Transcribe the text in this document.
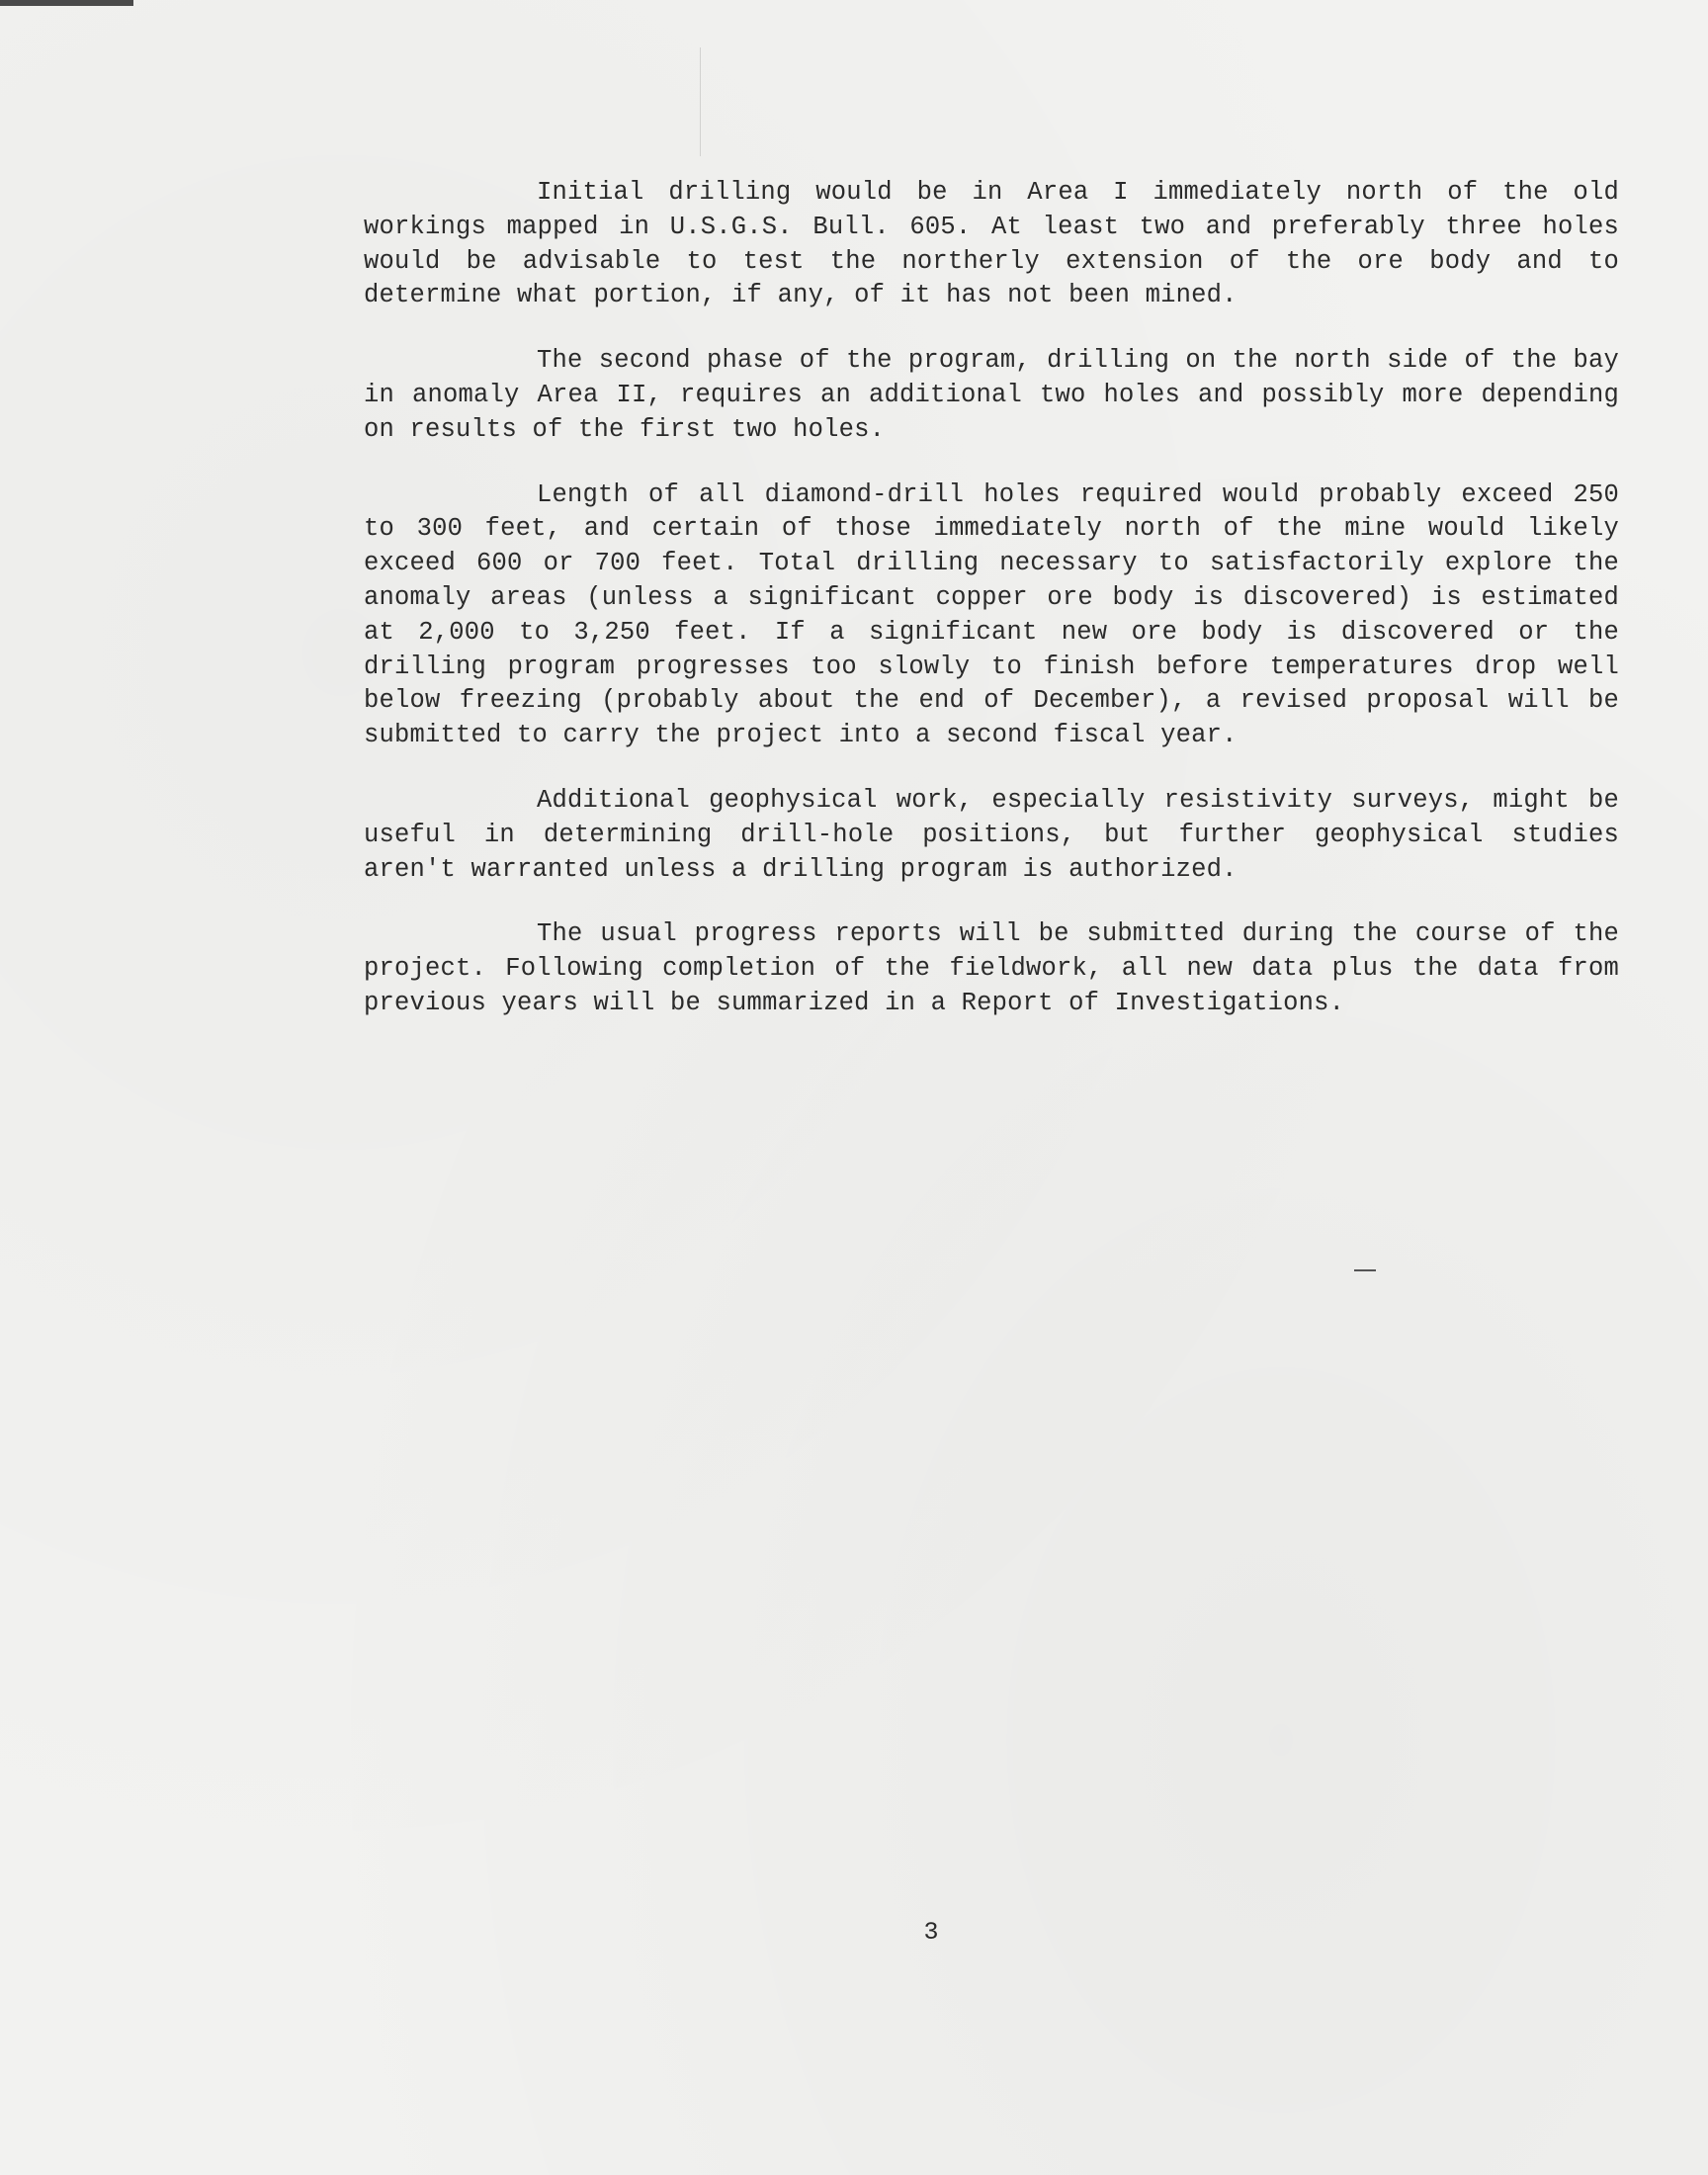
Initial drilling would be in Area I immediately north of the old workings mapped in U.S.G.S. Bull. 605. At least two and preferably three holes would be advisable to test the northerly extension of the ore body and to determine what portion, if any, of it has not been mined.

The second phase of the program, drilling on the north side of the bay in anomaly Area II, requires an additional two holes and possibly more depending on results of the first two holes.

Length of all diamond-drill holes required would probably exceed 250 to 300 feet, and certain of those immediately north of the mine would likely exceed 600 or 700 feet. Total drilling necessary to satisfactorily explore the anomaly areas (unless a significant copper ore body is discovered) is estimated at 2,000 to 3,250 feet. If a significant new ore body is discovered or the drilling program progresses too slowly to finish before temperatures drop well below freezing (probably about the end of December), a revised proposal will be submitted to carry the project into a second fiscal year.

Additional geophysical work, especially resistivity surveys, might be useful in determining drill-hole positions, but further geophysical studies aren't warranted unless a drilling program is authorized.

The usual progress reports will be submitted during the course of the project. Following completion of the fieldwork, all new data plus the data from previous years will be summarized in a Report of Investigations.

3
